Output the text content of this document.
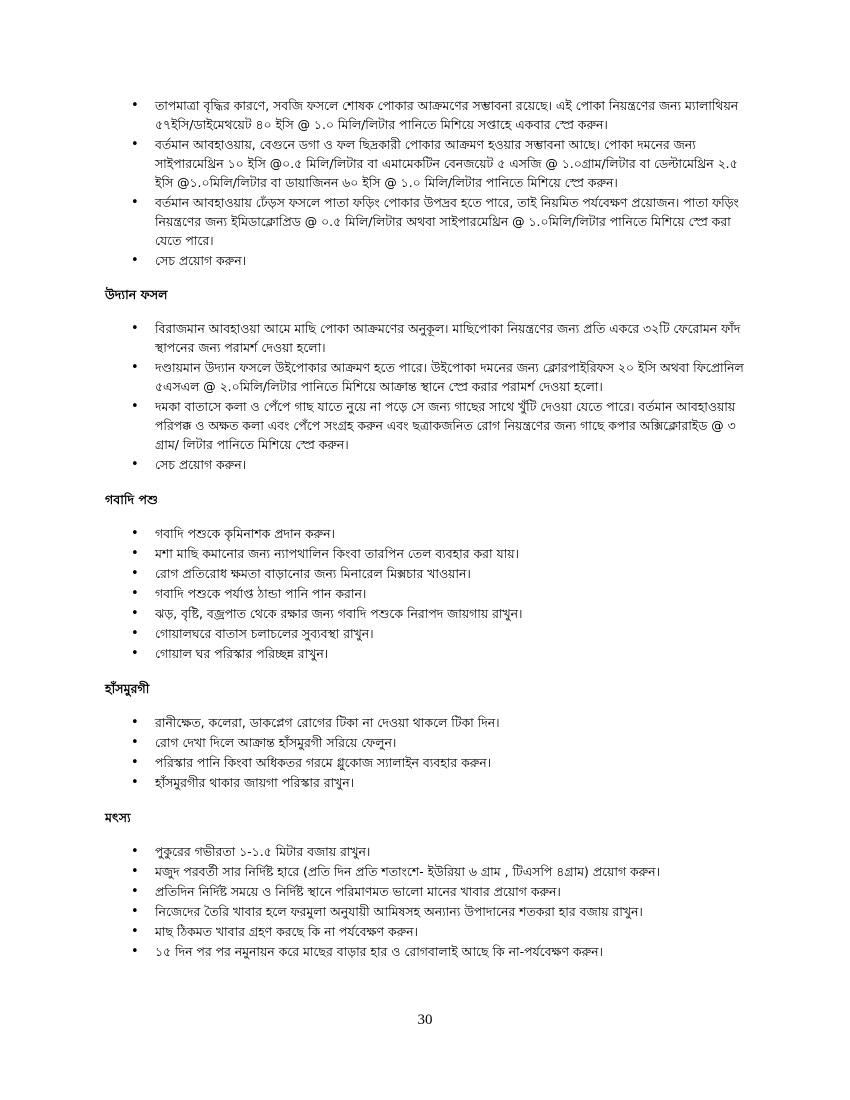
• তাপমাত্রা বৃদ্ধির কারণে, সবজি ফসলে শোষক পোকার আক্রমণের সম্ভাবনা রয়েছে। এই পোকা নিয়ন্ত্রণের জন্য ম্যালাথিয়ন ৫৭ইসি/ডাইমেথয়েট ৪০ ইসি @ ১.০ মিলি/লিটার পানিতে মিশিয়ে সপ্তাহে একবার স্প্রে করুন।
• বর্তমান আবহাওয়ায়, বেগুনে ডগা ও ফল ছিদ্রকারী পোকার আক্রমণ হওয়ার সম্ভাবনা আছে। পোকা দমনের জন্য সাইপারমেথ্রিন ১০ ইসি @০.৫ মিলি/লিটার বা এমামেকটিন বেনজয়েট ৫ এসজি @ ১.০গ্রাম/লিটার বা ডেল্টামেথ্রিন ২.৫ ইসি @১.০মিলি/লিটার বা ডায়াজিনন ৬০ ইসি @ ১.০ মিলি/লিটার পানিতে মিশিয়ে স্প্রে করুন।
• বর্তমান আবহাওয়ায় ঢেঁড়স ফসলে পাতা ফড়িং পোকার উপদ্রব হতে পারে, তাই নিয়মিত পর্যবেক্ষণ প্রয়োজন। পাতা ফড়িং নিয়ন্ত্রণের জন্য ইমিডাক্লোপ্রিড @ ০.৫ মিলি/লিটার অথবা সাইপারমেথ্রিন @ ১.০মিলি/লিটার পানিতে মিশিয়ে স্প্রে করা যেতে পারে।
• সেচ প্রয়োগ করুন।
উদ্যান ফসল
• বিরাজমান আবহাওয়া আমে মাছি পোকা আক্রমণের অনুকূল। মাছিপোকা নিয়ন্ত্রণের জন্য প্রতি একরে ৩২টি ফেরোমন ফাঁদ স্থাপনের জন্য পরামর্শ দেওয়া হলো।
• দণ্ডায়মান উদ্যান ফসলে উইপোকার আক্রমণ হতে পারে। উইপোকা দমনের জন্য ক্লোরপাইরিফস ২০ ইসি অথবা ফিপ্রোনিল ৫এসএল @ ২.০মিলি/লিটার পানিতে মিশিয়ে আক্রান্ত স্থানে স্প্রে করার পরামর্শ দেওয়া হলো।
• দমকা বাতাসে কলা ও পেঁপে গাছ যাতে নুয়ে না পড়ে সে জন্য গাছের সাথে খুঁটি দেওয়া যেতে পারে। বর্তমান আবহাওয়ায় পরিপক্ক ও অক্ষত কলা এবং পেঁপে সংগ্রহ করুন এবং ছত্রাকজনিত রোগ নিয়ন্ত্রণের জন্য গাছে কপার অক্সিক্লোরাইড @ ৩ গ্রাম/ লিটার পানিতে মিশিয়ে স্প্রে করুন।
• সেচ প্রয়োগ করুন।
গবাদি পশু
• গবাদি পশুকে কৃমিনাশক প্রদান করুন।
• মশা মাছি কমানোর জন্য ন্যাপথালিন কিংবা তারপিন তেল ব্যবহার করা যায়।
• রোগ প্রতিরোধ ক্ষমতা বাড়ানোর জন্য মিনারেল মিক্সচার খাওয়ান।
• গবাদি পশুকে পর্যাপ্ত ঠান্ডা পানি পান করান।
• ঝড়, বৃষ্টি, বজ্রপাত থেকে রক্ষার জন্য গবাদি পশুকে নিরাপদ জায়গায় রাখুন।
• গোয়ালঘরে বাতাস চলাচলের সুব্যবস্থা রাখুন।
• গোয়াল ঘর পরিস্কার পরিচ্ছন্ন রাখুন।
হাঁসমুরগী
• রানীক্ষেত, কলেরা, ডাকপ্লেগ রোগের টিকা না দেওয়া থাকলে টিকা দিন।
• রোগ দেখা দিলে আক্রান্ত হাঁসমুরগী সরিয়ে ফেলুন।
• পরিস্কার পানি কিংবা অধিকতর গরমে গ্লুকোজ স্যালাইন ব্যবহার করুন।
• হাঁসমুরগীর থাকার জায়গা পরিস্কার রাখুন।
মৎস্য
• পুকুরের গভীরতা ১-১.৫ মিটার বজায় রাখুন।
• মজুদ পরবর্তী সার নির্দিষ্ট হারে (প্রতি দিন প্রতি শতাংশে- ইউরিয়া ৬ গ্রাম , টিএসপি ৪গ্রাম) প্রয়োগ করুন।
• প্রতিদিন নির্দিষ্ট সময়ে ও নির্দিষ্ট স্থানে পরিমাণমত ভালো মানের খাবার প্রয়োগ করুন।
• নিজেদের তৈরি খাবার হলে ফরমুলা অনুযায়ী আমিষসহ অন্যান্য উপাদানের শতকরা হার বজায় রাখুন।
• মাছ ঠিকমত খাবার গ্রহণ করছে কি না পর্যবেক্ষণ করুন।
• ১৫ দিন পর পর নমুনায়ন করে মাছের বাড়ার হার ও রোগবালাই আছে কি না-পর্যবেক্ষণ করুন।
30
